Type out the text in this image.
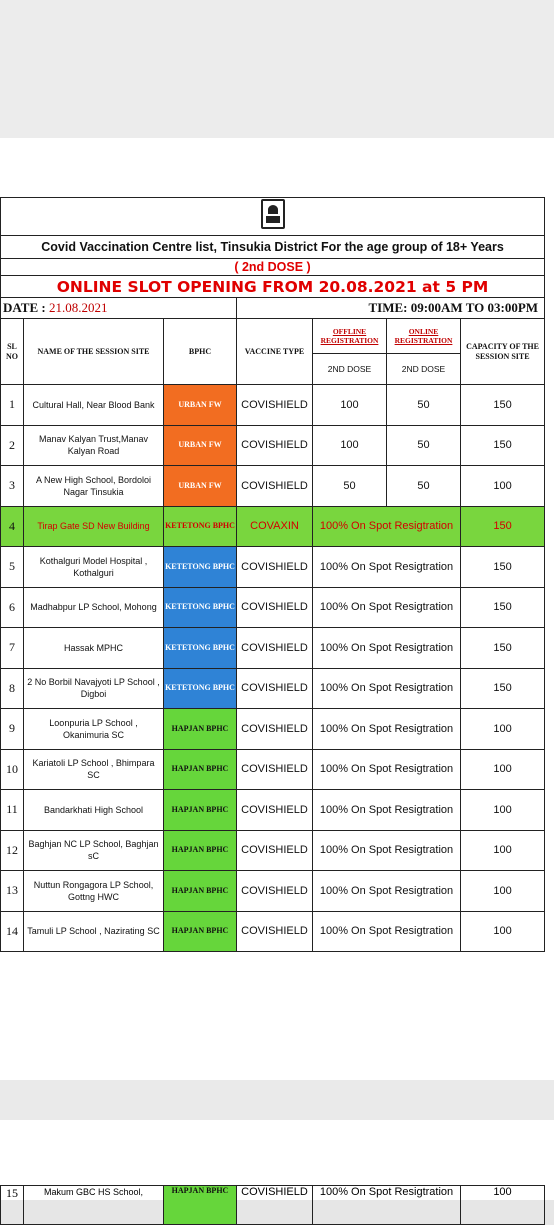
Covid Vaccination Centre list, Tinsukia District For the age group of 18+ Years						
( 2nd DOSE )						
ONLINE SLOT OPENING FROM 20.08.2021 at 5 PM						
DATE : 21.08.2021			TIME: 09:00AM TO 03:00PM			
SL NO	NAME OF THE SESSION SITE	BPHC	VACCINE TYPE	OFFLINE REGISTRATION	ONLINE REGISTRATION	CAPACITY OF THE SESSION SITE
				2ND DOSE	2ND DOSE	
1	Cultural Hall, Near Blood Bank	URBAN FW	COVISHIELD	100	50	150
2	Manav Kalyan Trust,Manav Kalyan Road	URBAN FW	COVISHIELD	100	50	150
3	A New High School, Bordoloi Nagar Tinsukia	URBAN FW	COVISHIELD	50	50	100
4	Tirap Gate SD New Building	KETETONG BPHC	COVAXIN	100% On Spot Resigtration		150
5	Kothalguri Model Hospital , Kothalguri	KETETONG BPHC	COVISHIELD	100% On Spot Resigtration		150
6	Madhabpur LP School, Mohong	KETETONG BPHC	COVISHIELD	100% On Spot Resigtration		150
7	Hassak MPHC	KETETONG BPHC	COVISHIELD	100% On Spot Resigtration		150
8	2 No Borbil Navajyoti LP School , Digboi	KETETONG BPHC	COVISHIELD	100% On Spot Resigtration		150
9	Loonpuria LP School , Okanimuria SC	HAPJAN BPHC	COVISHIELD	100% On Spot Resigtration		100
10	Kariatoli LP School , Bhimpara SC	HAPJAN BPHC	COVISHIELD	100% On Spot Resigtration		100
11	Bandarkhati High School	HAPJAN BPHC	COVISHIELD	100% On Spot Resigtration		100
12	Baghjan NC LP School, Baghjan sC	HAPJAN BPHC	COVISHIELD	100% On Spot Resigtration		100
13	Nuttun Rongagora LP School, Gottng HWC	HAPJAN BPHC	COVISHIELD	100% On Spot Resigtration		100
14	Tamuli LP School , Nazirating SC	HAPJAN BPHC	COVISHIELD	100% On Spot Resigtration		100
15	Makum GBC HS School,	HAPJAN BPHC	COVISHIELD	100% On Spot Resigtration	100
